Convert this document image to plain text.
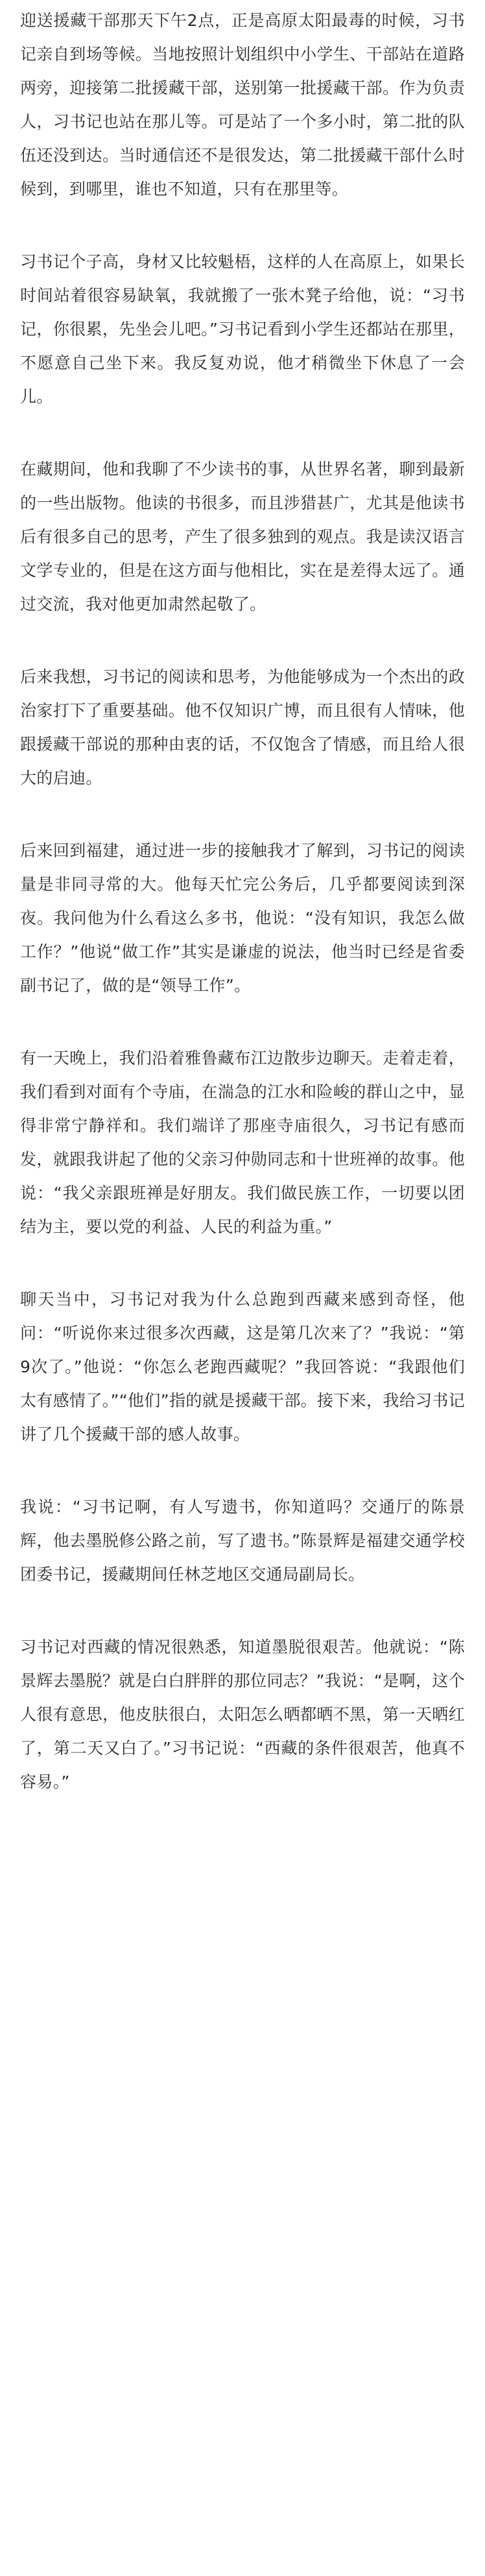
迎送援藏干部那天下午2点，正是高原太阳最毒的时候，习书记亲自到场等候。当地按照计划组织中小学生、干部站在道路两旁，迎接第二批援藏干部，送别第一批援藏干部。作为负责人，习书记也站在那儿等。可是站了一个多小时，第二批的队伍还没到达。当时通信还不是很发达，第二批援藏干部什么时候到，到哪里，谁也不知道，只有在那里等。

习书记个子高，身材又比较魁梧，这样的人在高原上，如果长时间站着很容易缺氧，我就搬了一张木凳子给他，说：“习书记，你很累，先坐会儿吧。”习书记看到小学生还都站在那里，不愿意自己坐下来。我反复劝说，他才稍微坐下休息了一会儿。

在藏期间，他和我聊了不少读书的事，从世界名著，聊到最新的一些出版物。他读的书很多，而且涉猎甚广，尤其是他读书后有很多自己的思考，产生了很多独到的观点。我是读汉语言文学专业的，但是在这方面与他相比，实在是差得太远了。通过交流，我对他更加肃然起敬了。

后来我想，习书记的阅读和思考，为他能够成为一个杰出的政治家打下了重要基础。他不仅知识广博，而且很有人情味，他跟援藏干部说的那种由衷的话，不仅饱含了情感，而且给人很大的启迪。

后来回到福建，通过进一步的接触我才了解到，习书记的阅读量是非同寻常的大。他每天忙完公务后，几乎都要阅读到深夜。我问他为什么看这么多书，他说：“没有知识，我怎么做工作？”他说“做工作”其实是谦虚的说法，他当时已经是省委副书记了，做的是“领导工作”。

有一天晚上，我们沿着雅鲁藏布江边散步边聊天。走着走着，我们看到对面有个寺庙，在湍急的江水和险峻的群山之中，显得非常宁静祥和。我们端详了那座寺庙很久，习书记有感而发，就跟我讲起了他的父亲习仲勋同志和十世班禅的故事。他说：“我父亲跟班禅是好朋友。我们做民族工作，一切要以团结为主，要以党的利益、人民的利益为重。”

聊天当中，习书记对我为什么总跑到西藏来感到奇怪，他问：“听说你来过很多次西藏，这是第几次来了？”我说：“第9次了。”他说：“你怎么老跑西藏呢？”我回答说：“我跟他们太有感情了。”“他们”指的就是援藏干部。接下来，我给习书记讲了几个援藏干部的感人故事。

我说：“习书记啊，有人写遗书，你知道吗？交通厅的陈景辉，他去墨脱修公路之前，写了遗书。”陈景辉是福建交通学校团委书记，援藏期间任林芝地区交通局副局长。

习书记对西藏的情况很熟悉，知道墨脱很艰苦。他就说：“陈景辉去墨脱？就是白白胖胖的那位同志？”我说：“是啊，这个人很有意思，他皮肤很白，太阳怎么晒都晒不黑，第一天晒红了，第二天又白了。”习书记说：“西藏的条件很艰苦，他真不容易。”
